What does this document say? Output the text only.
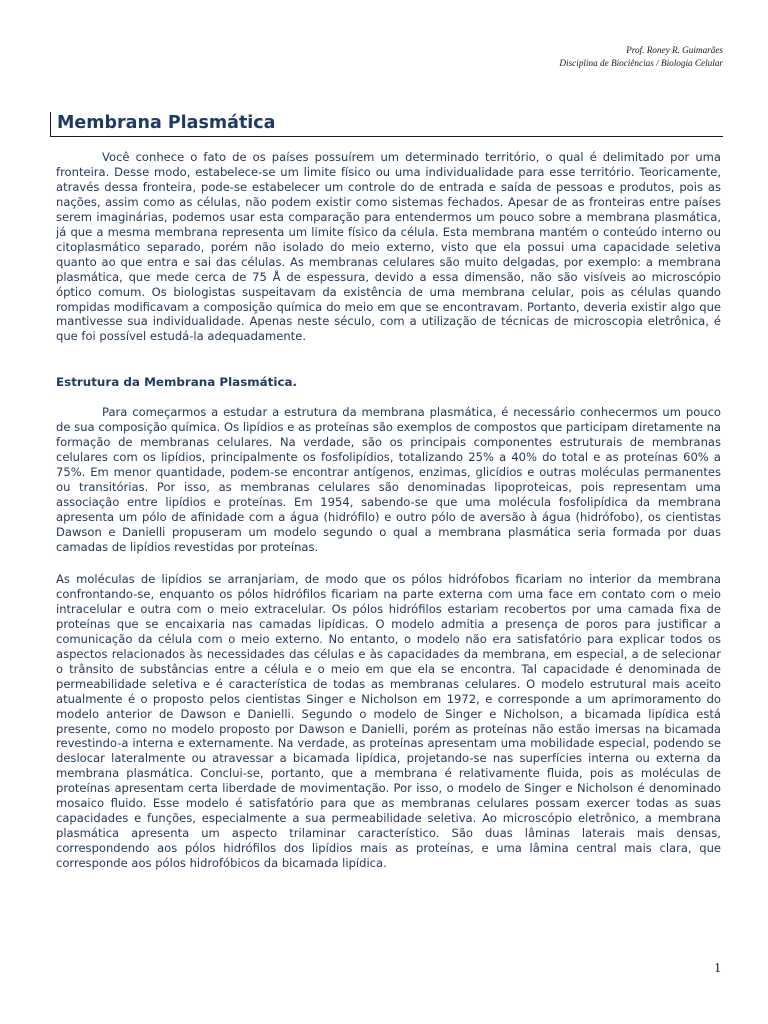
Prof. Roney R. Guimarães
Disciplina de Biociências / Biologia Celular
Membrana Plasmática

Você conhece o fato de os países possuírem um determinado território, o qual é delimitado por uma fronteira. Desse modo, estabelece-se um limite físico ou uma individualidade para esse território. Teoricamente, através dessa fronteira, pode-se estabelecer um controle do de entrada e saída de pessoas e produtos, pois as nações, assim como as células, não podem existir como sistemas fechados. Apesar de as fronteiras entre países serem imaginárias, podemos usar esta comparação para entendermos um pouco sobre a membrana plasmática, já que a mesma membrana representa um limite físico da célula. Esta membrana mantém o conteúdo interno ou citoplasmático separado, porém não isolado do meio externo, visto que ela possui uma capacidade seletiva quanto ao que entra e sai das células. As membranas celulares são muito delgadas, por exemplo: a membrana plasmática, que mede cerca de 75 Å de espessura, devido a essa dimensão, não são visíveis ao microscópio óptico comum. Os biologistas suspeitavam da existência de uma membrana celular, pois as células quando rompidas modificavam a composição química do meio em que se encontravam. Portanto, deveria existir algo que mantivesse sua individualidade. Apenas neste século, com a utilização de técnicas de microscopia eletrônica, é que foi possível estudá-la adequadamente.

Estrutura da Membrana Plasmática.

Para começarmos a estudar a estrutura da membrana plasmática, é necessário conhecermos um pouco de sua composição química. Os lipídios e as proteínas são exemplos de compostos que participam diretamente na formação de membranas celulares. Na verdade, são os principais componentes estruturais de membranas celulares com os lipídios, principalmente os fosfolipídios, totalizando 25% a 40% do total e as proteínas 60% a 75%. Em menor quantidade, podem-se encontrar antígenos, enzimas, glicídios e outras moléculas permanentes ou transitórias. Por isso, as membranas celulares são denominadas lipoproteicas, pois representam uma associação entre lipídios e proteínas. Em 1954, sabendo-se que uma molécula fosfolipídica da membrana apresenta um pólo de afinidade com a água (hidrófilo) e outro pólo de aversão à água (hidrófobo), os cientistas Dawson e Danielli propuseram um modelo segundo o qual a membrana plasmática seria formada por duas camadas de lipídios revestidas por proteínas.

As moléculas de lipídios se arranjariam, de modo que os pólos hidrófobos ficariam no interior da membrana confrontando-se, enquanto os pólos hidrófilos ficariam na parte externa com uma face em contato com o meio intracelular e outra com o meio extracelular. Os pólos hidrófilos estariam recobertos por uma camada fixa de proteínas que se encaixaria nas camadas lipídicas. O modelo admitia a presença de poros para justificar a comunicação da célula com o meio externo. No entanto, o modelo não era satisfatório para explicar todos os aspectos relacionados às necessidades das células e às capacidades da membrana, em especial, a de selecionar o trânsito de substâncias entre a célula e o meio em que ela se encontra. Tal capacidade é denominada de permeabilidade seletiva e é característica de todas as membranas celulares. O modelo estrutural mais aceito atualmente é o proposto pelos cientistas Singer e Nicholson em 1972, e corresponde a um aprimoramento do modelo anterior de Dawson e Danielli. Segundo o modelo de Singer e Nicholson, a bicamada lipídica está presente, como no modelo proposto por Dawson e Danielli, porém as proteínas não estão imersas na bicamada revestindo-a interna e externamente. Na verdade, as proteínas apresentam uma mobilidade especial, podendo se deslocar lateralmente ou atravessar a bicamada lipídica, projetando-se nas superfícies interna ou externa da membrana plasmática. Conclui-se, portanto, que a membrana é relativamente fluida, pois as moléculas de proteínas apresentam certa liberdade de movimentação. Por isso, o modelo de Singer e Nicholson é denominado mosaico fluido. Esse modelo é satisfatório para que as membranas celulares possam exercer todas as suas capacidades e funções, especialmente a sua permeabilidade seletiva. Ao microscópio eletrônico, a membrana plasmática apresenta um aspecto trilaminar característico. São duas lâminas laterais mais densas, correspondendo aos pólos hidrófilos dos lipídios mais as proteínas, e uma lâmina central mais clara, que corresponde aos pólos hidrofóbicos da bicamada lipídica.

1
